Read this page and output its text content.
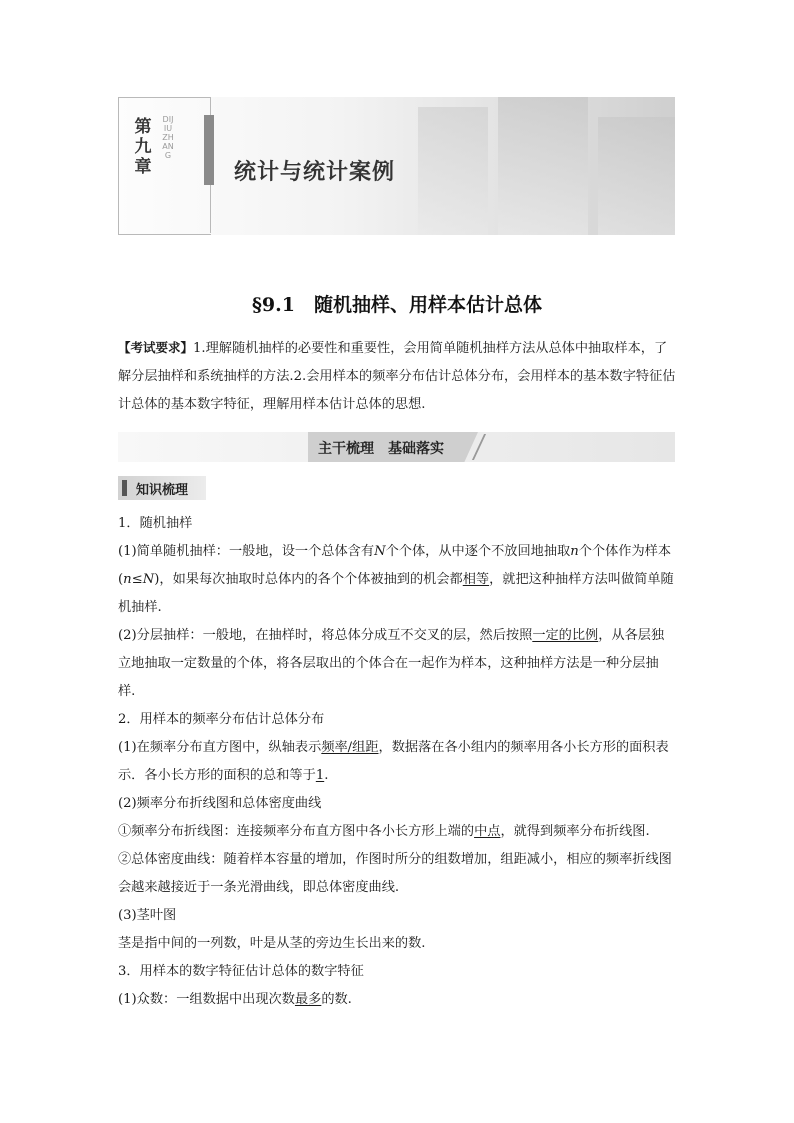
第九章
DIJIUZHANG
统计与统计案例
§9.1　随机抽样、用样本估计总体
【考试要求】1.理解随机抽样的必要性和重要性，会用简单随机抽样方法从总体中抽取样本，了解分层抽样和系统抽样的方法.2.会用样本的频率分布估计总体分布，会用样本的基本数字特征估计总体的基本数字特征，理解用样本估计总体的思想.
主干梳理　基础落实
知识梳理
1．随机抽样
(1)简单随机抽样：一般地，设一个总体含有N个个体，从中逐个不放回地抽取n个个体作为样本(n≤N)，如果每次抽取时总体内的各个个体被抽到的机会都相等，就把这种抽样方法叫做简单随机抽样.
(2)分层抽样：一般地，在抽样时，将总体分成互不交叉的层，然后按照一定的比例，从各层独立地抽取一定数量的个体，将各层取出的个体合在一起作为样本，这种抽样方法是一种分层抽样.
2．用样本的频率分布估计总体分布
(1)在频率分布直方图中，纵轴表示频率/组距，数据落在各小组内的频率用各小长方形的面积表示．各小长方形的面积的总和等于1.
(2)频率分布折线图和总体密度曲线
①频率分布折线图：连接频率分布直方图中各小长方形上端的中点，就得到频率分布折线图.
②总体密度曲线：随着样本容量的增加，作图时所分的组数增加，组距减小，相应的频率折线图会越来越接近于一条光滑曲线，即总体密度曲线.
(3)茎叶图
茎是指中间的一列数，叶是从茎的旁边生长出来的数.
3．用样本的数字特征估计总体的数字特征
(1)众数：一组数据中出现次数最多的数.
